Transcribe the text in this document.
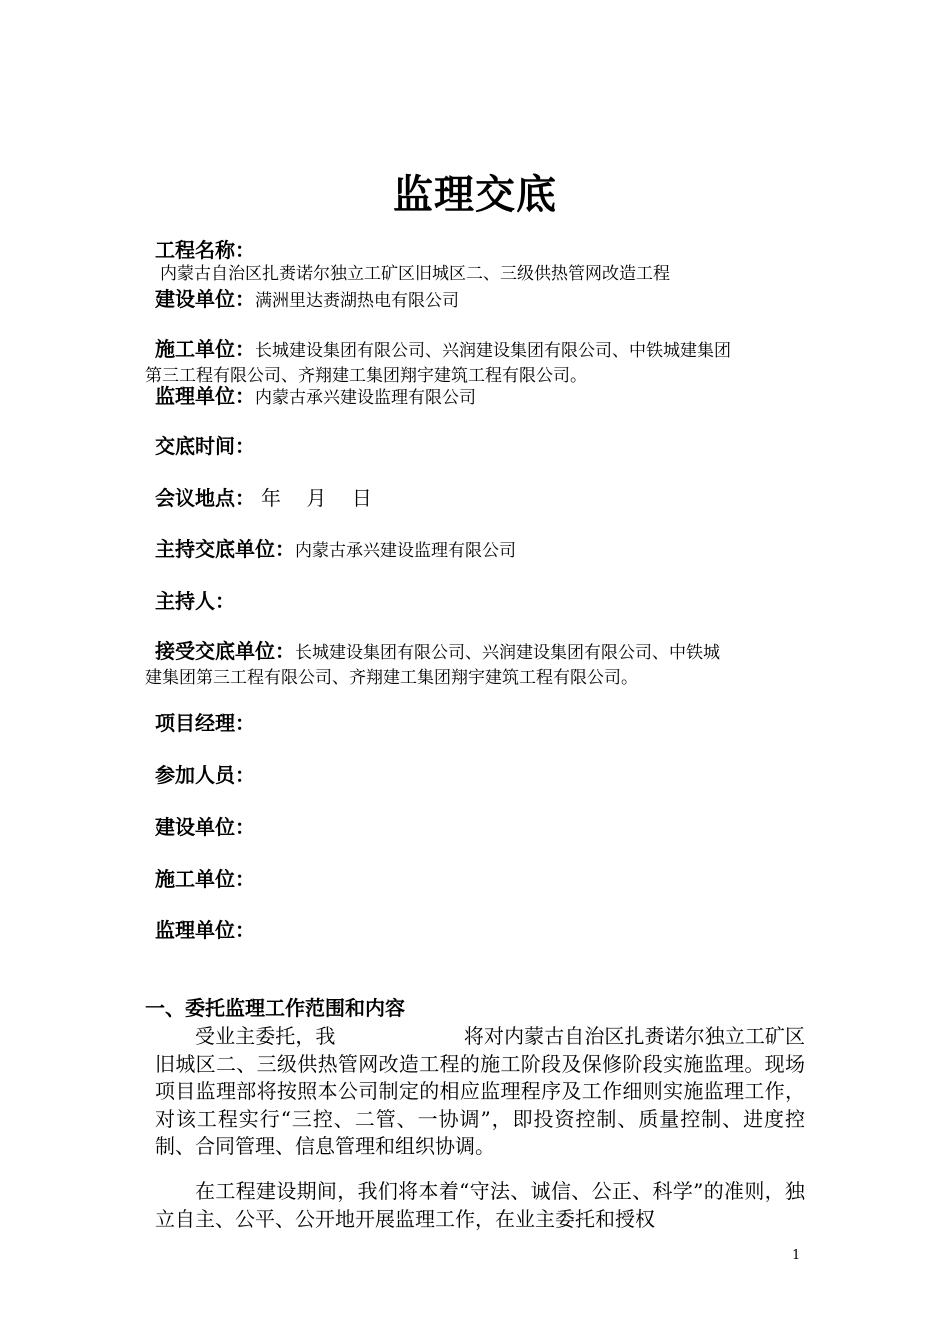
监理交底
工程名称：
内蒙古自治区扎赉诺尔独立工矿区旧城区二、三级供热管网改造工程
建设单位：满洲里达赉湖热电有限公司
施工单位：长城建设集团有限公司、兴润建设集团有限公司、中铁城建集团
第三工程有限公司、齐翔建工集团翔宇建筑工程有限公司。
监理单位：内蒙古承兴建设监理有限公司
交底时间：

年    月    日

会议地点：
主持交底单位：内蒙古承兴建设监理有限公司
主持人：
接受交底单位：长城建设集团有限公司、兴润建设集团有限公司、中铁城
建集团第三工程有限公司、齐翔建工集团翔宇建筑工程有限公司。
项目经理：
参加人员：
建设单位：
施工单位：
监理单位：
一、委托监理工作范围和内容
受业主委托，我                    将对内蒙古自治区扎赉诺尔独立工矿区旧城区二、三级供热管网改造工程的施工阶段及保修阶段实施监理。现场项目监理部将按照本公司制定的相应监理程序及工作细则实施监理工作，对该工程实行“三控、二管、一协调”，即投资控制、质量控制、进度控制、合同管理、信息管理和组织协调。
在工程建设期间，我们将本着“守法、诚信、公正、科学”的准则，独立自主、公平、公开地开展监理工作，在业主委托和授权
1
